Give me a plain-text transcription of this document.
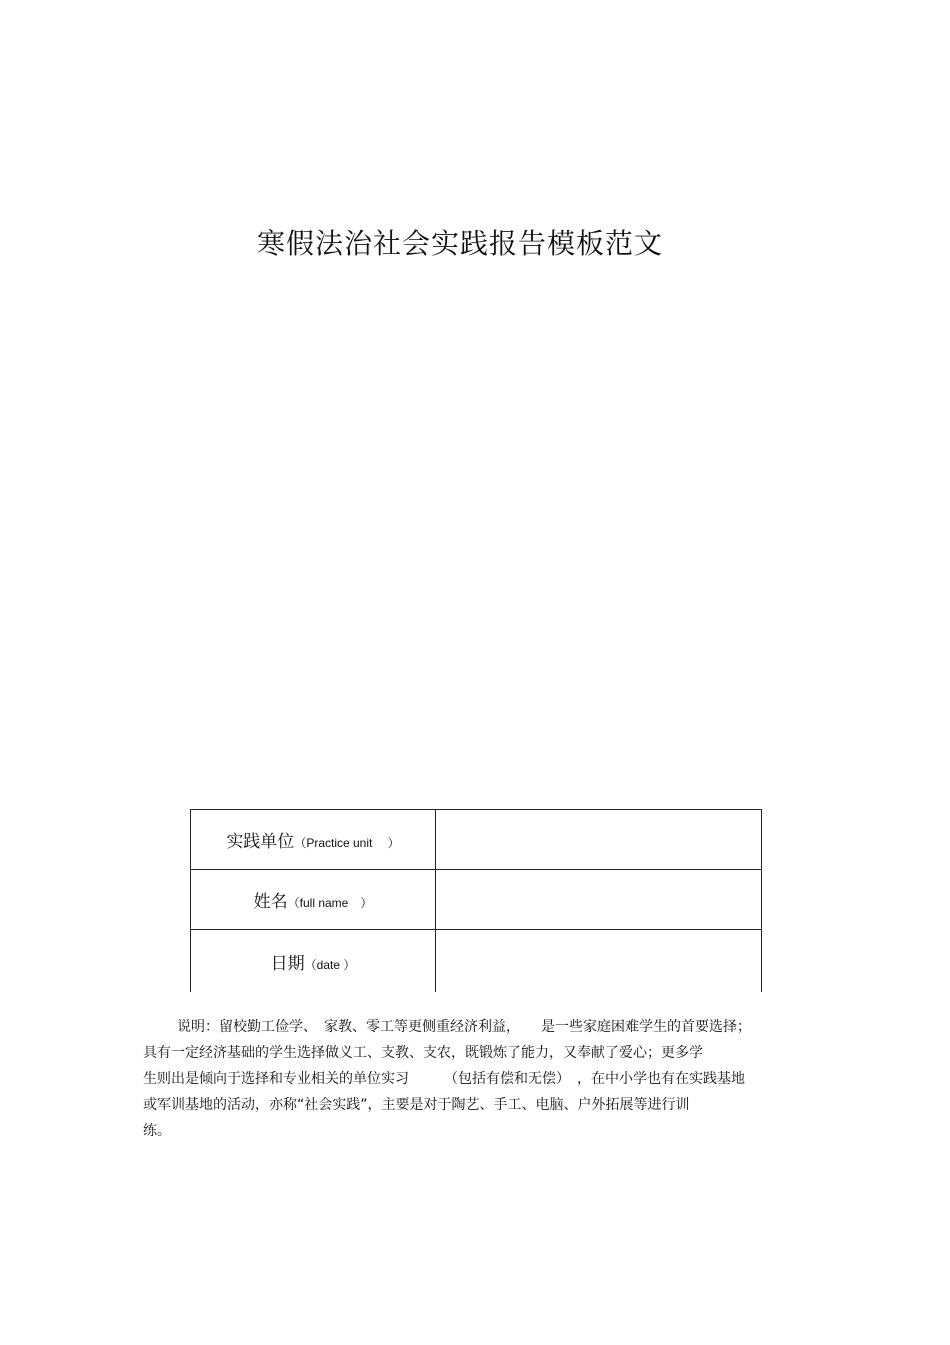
寒假法治社会实践报告模板范文
实践单位（Practice unit　 ）	
姓名（full name　）	
日期（date ）	
说明：留校勤工俭学、　家教、零工等更侧重经济利益，　　是一些家庭困难学生的首要选择；
具有一定经济基础的学生选择做义工、支教、支农，既锻炼了能力，又奉献了爱心；更多学
生则出是倾向于选择和专业相关的单位实习　　　（包括有偿和无偿）　，在中小学也有在实践基地
或军训基地的活动，亦称“社会实践”，主要是对于陶艺、手工、电脑、户外拓展等进行训
练。
